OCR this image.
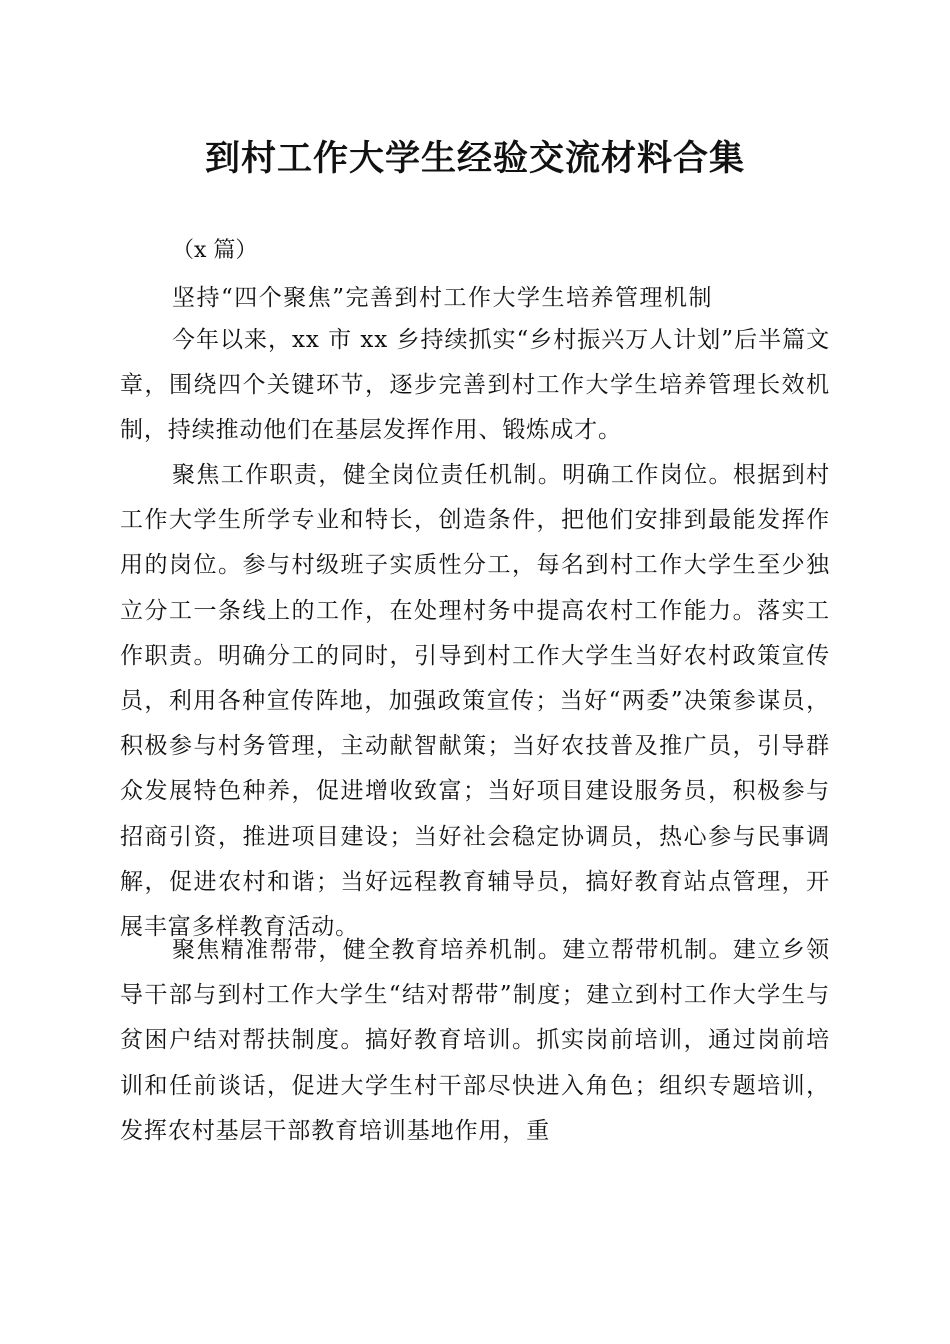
到村工作大学生经验交流材料合集
（x 篇）
坚持“四个聚焦”完善到村工作大学生培养管理机制

今年以来，xx 市 xx 乡持续抓实“乡村振兴万人计划”后半篇文章，围绕四个关键环节，逐步完善到村工作大学生培养管理长效机制，持续推动他们在基层发挥作用、锻炼成才。

聚焦工作职责，健全岗位责任机制。明确工作岗位。根据到村工作大学生所学专业和特长，创造条件，把他们安排到最能发挥作用的岗位。参与村级班子实质性分工，每名到村工作大学生至少独立分工一条线上的工作，在处理村务中提高农村工作能力。落实工作职责。明确分工的同时，引导到村工作大学生当好农村政策宣传员，利用各种宣传阵地，加强政策宣传；当好“两委”决策参谋员，积极参与村务管理，主动献智献策；当好农技普及推广员，引导群众发展特色种养，促进增收致富；当好项目建设服务员，积极参与招商引资，推进项目建设；当好社会稳定协调员，热心参与民事调解，促进农村和谐；当好远程教育辅导员，搞好教育站点管理，开展丰富多样教育活动。

聚焦精准帮带，健全教育培养机制。建立帮带机制。建立乡领导干部与到村工作大学生“结对帮带”制度；建立到村工作大学生与贫困户结对帮扶制度。搞好教育培训。抓实岗前培训，通过岗前培训和任前谈话，促进大学生村干部尽快进入角色；组织专题培训，发挥农村基层干部教育培训基地作用，重
